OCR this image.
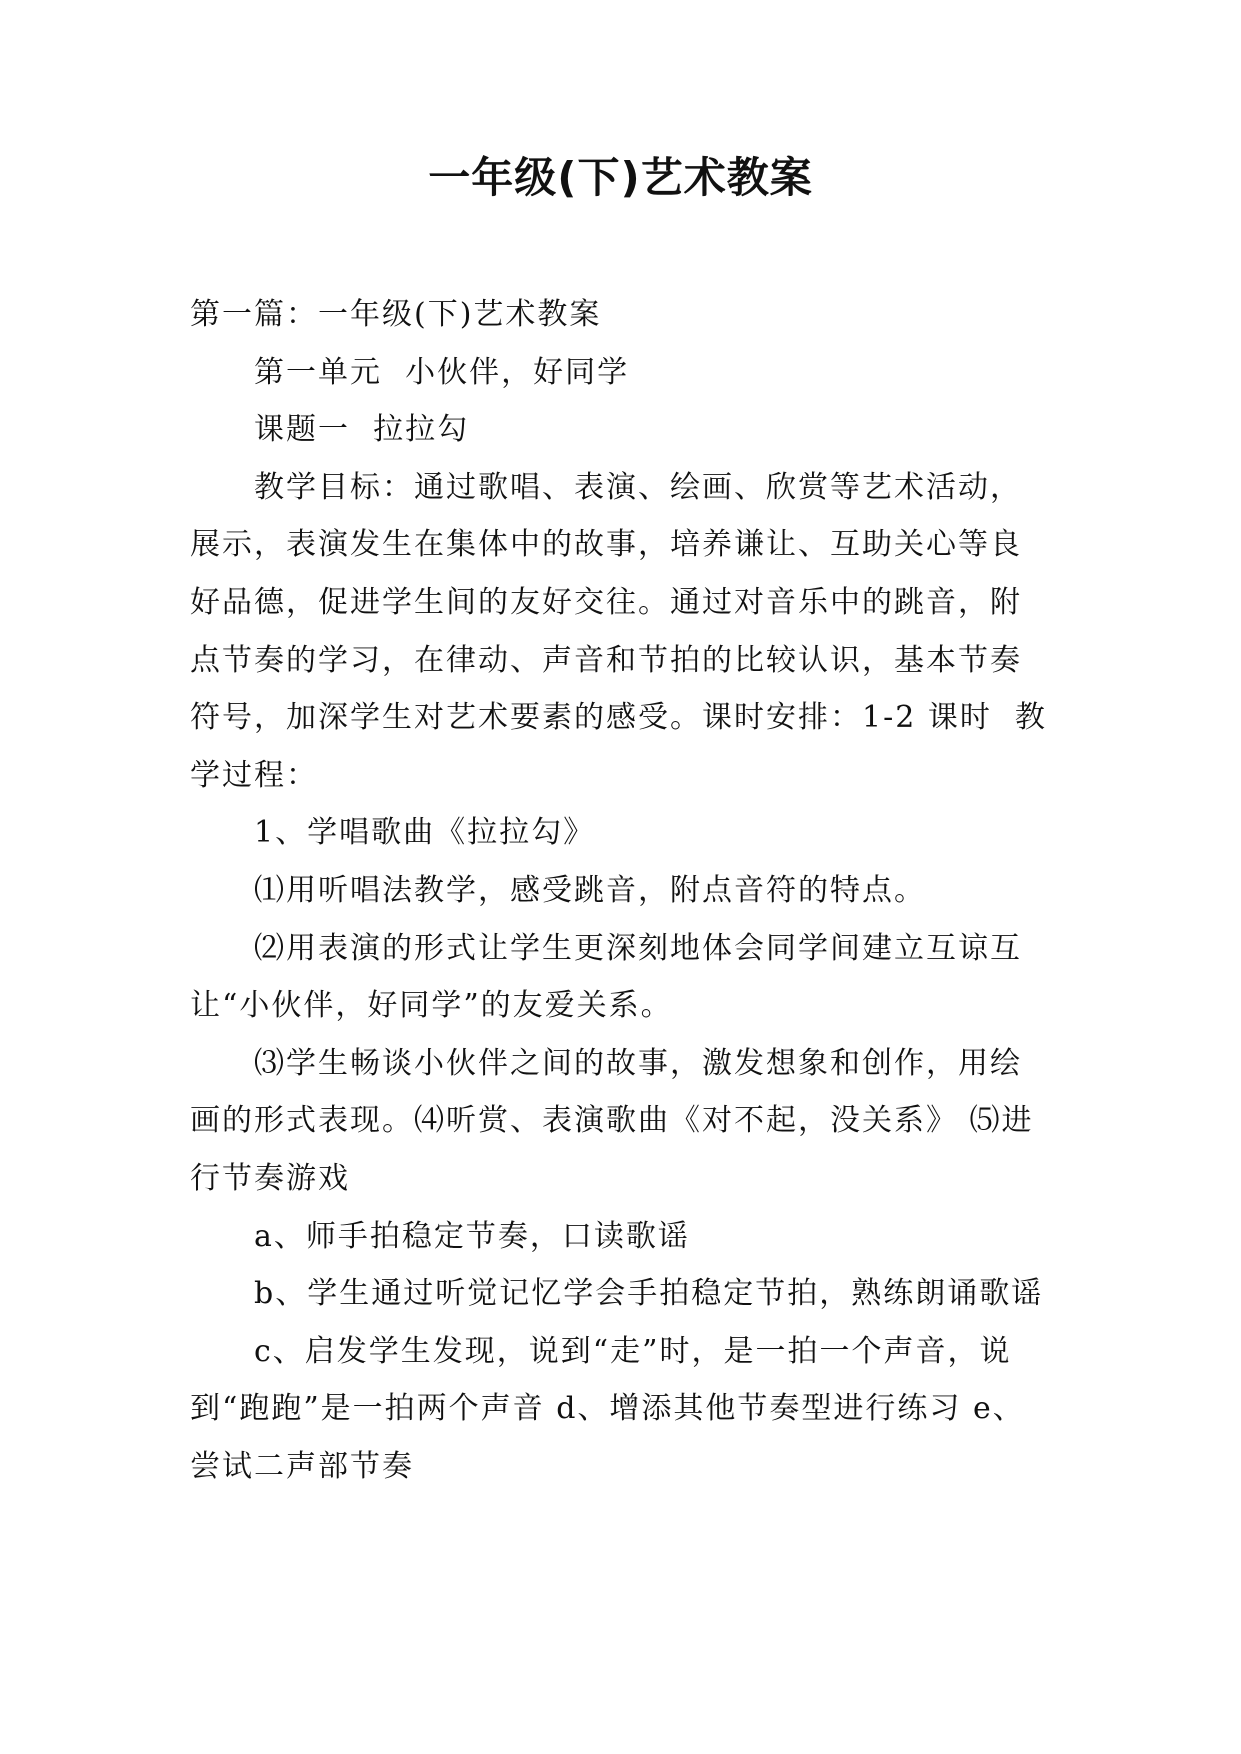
一年级(下)艺术教案

第一篇：一年级(下)艺术教案

第一单元  小伙伴，好同学

课题一  拉拉勾

教学目标：通过歌唱、表演、绘画、欣赏等艺术活动，展示，表演发生在集体中的故事，培养谦让、互助关心等良好品德，促进学生间的友好交往。通过对音乐中的跳音，附点节奏的学习，在律动、声音和节拍的比较认识，基本节奏符号，加深学生对艺术要素的感受。课时安排：1-2 课时  教学过程：

1、学唱歌曲《拉拉勾》

⑴用听唱法教学，感受跳音，附点音符的特点。

⑵用表演的形式让学生更深刻地体会同学间建立互谅互让“小伙伴，好同学”的友爱关系。

⑶学生畅谈小伙伴之间的故事，激发想象和创作，用绘画的形式表现。⑷听赏、表演歌曲《对不起，没关系》 ⑸进行节奏游戏

a、师手拍稳定节奏，口读歌谣

b、学生通过听觉记忆学会手拍稳定节拍，熟练朗诵歌谣

c、启发学生发现，说到“走”时，是一拍一个声音，说到“跑跑”是一拍两个声音 d、增添其他节奏型进行练习 e、尝试二声部节奏
